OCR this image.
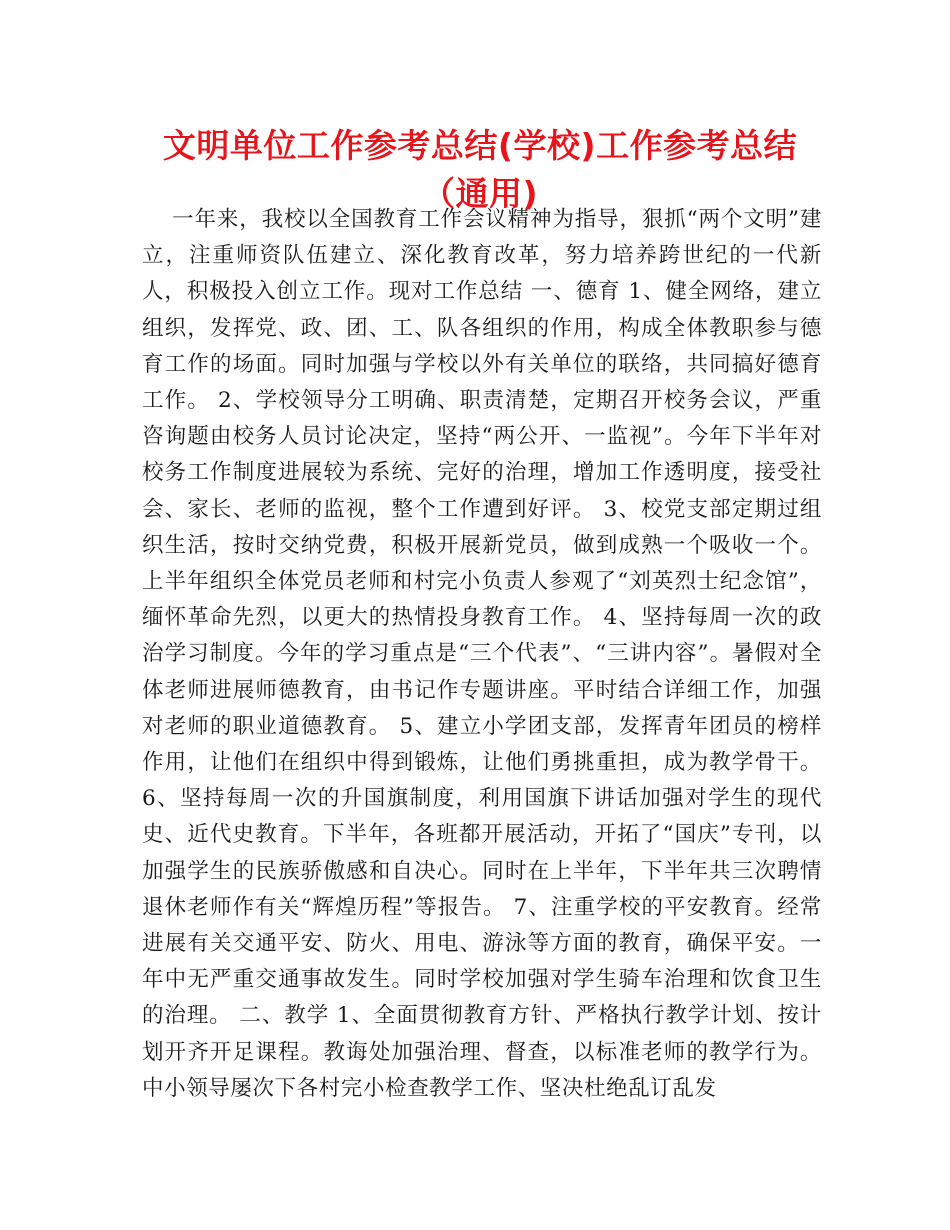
文明单位工作参考总结(学校)工作参考总结（通用)

一年来，我校以全国教育工作会议精神为指导，狠抓“两个文明”建立，注重师资队伍建立、深化教育改革，努力培养跨世纪的一代新人，积极投入创立工作。现对工作总结 一、德育 1、健全网络，建立组织，发挥党、政、团、工、队各组织的作用，构成全体教职参与德育工作的场面。同时加强与学校以外有关单位的联络，共同搞好德育工作。 2、学校领导分工明确、职责清楚，定期召开校务会议，严重咨询题由校务人员讨论决定，坚持“两公开、一监视”。今年下半年对校务工作制度进展较为系统、完好的治理，增加工作透明度，接受社会、家长、老师的监视，整个工作遭到好评。 3、校党支部定期过组织生活，按时交纳党费，积极开展新党员，做到成熟一个吸收一个。上半年组织全体党员老师和村完小负责人参观了“刘英烈士纪念馆”，缅怀革命先烈，以更大的热情投身教育工作。 4、坚持每周一次的政治学习制度。今年的学习重点是“三个代表”、“三讲内容”。暑假对全体老师进展师德教育，由书记作专题讲座。平时结合详细工作，加强对老师的职业道德教育。 5、建立小学团支部，发挥青年团员的榜样作用，让他们在组织中得到锻炼，让他们勇挑重担，成为教学骨干。 6、坚持每周一次的升国旗制度，利用国旗下讲话加强对学生的现代史、近代史教育。下半年，各班都开展活动，开拓了“国庆”专刊，以加强学生的民族骄傲感和自决心。同时在上半年，下半年共三次聘情退休老师作有关“辉煌历程”等报告。 7、注重学校的平安教育。经常进展有关交通平安、防火、用电、游泳等方面的教育，确保平安。一年中无严重交通事故发生。同时学校加强对学生骑车治理和饮食卫生的治理。 二、教学 1、全面贯彻教育方针、严格执行教学计划、按计划开齐开足课程。教诲处加强治理、督查，以标准老师的教学行为。中小领导屡次下各村完小检查教学工作、坚决杜绝乱订乱发
